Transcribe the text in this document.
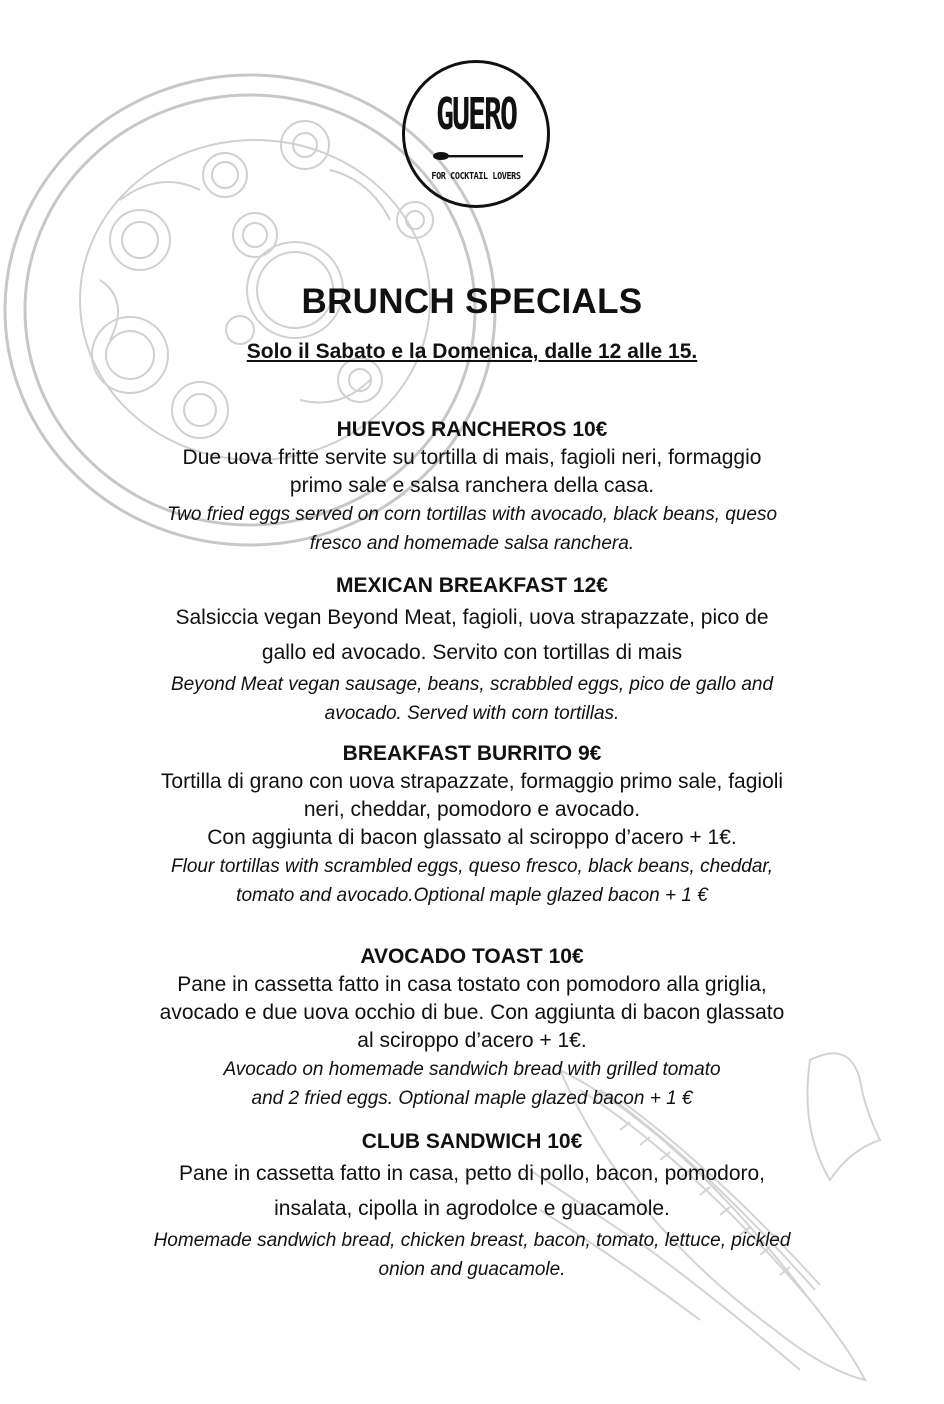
GUERO
FOR COCKTAIL LOVERS
BRUNCH SPECIALS
Solo il Sabato e la Domenica, dalle 12 alle 15.
HUEVOS RANCHEROS 10€
Due uova fritte servite su tortilla di mais, fagioli neri, formaggio
primo sale e salsa ranchera della casa.
Two fried eggs served on corn tortillas with avocado, black beans, queso
fresco and homemade salsa ranchera.
MEXICAN BREAKFAST 12€
Salsiccia vegan Beyond Meat, fagioli, uova strapazzate, pico de
gallo ed avocado. Servito con tortillas di mais
Beyond Meat vegan sausage, beans, scrabbled eggs, pico de gallo and
avocado. Served with corn tortillas.
BREAKFAST BURRITO 9€
Tortilla di grano con uova strapazzate, formaggio primo sale, fagioli
neri, cheddar, pomodoro e avocado.
Con aggiunta di bacon glassato al sciroppo d’acero + 1€.
Flour tortillas with scrambled eggs, queso fresco, black beans, cheddar,
tomato and avocado.Optional maple glazed bacon + 1 €
AVOCADO TOAST 10€
Pane in cassetta fatto in casa tostato con pomodoro alla griglia,
avocado e due uova occhio di bue. Con aggiunta di bacon glassato
al sciroppo d’acero + 1€.
Avocado on homemade sandwich bread with grilled tomato
and 2 fried eggs. Optional maple glazed bacon + 1 €
CLUB SANDWICH 10€
Pane in cassetta fatto in casa, petto di pollo, bacon, pomodoro,
insalata, cipolla in agrodolce e guacamole.
Homemade sandwich bread, chicken breast, bacon, tomato, lettuce, pickled
onion and guacamole.
